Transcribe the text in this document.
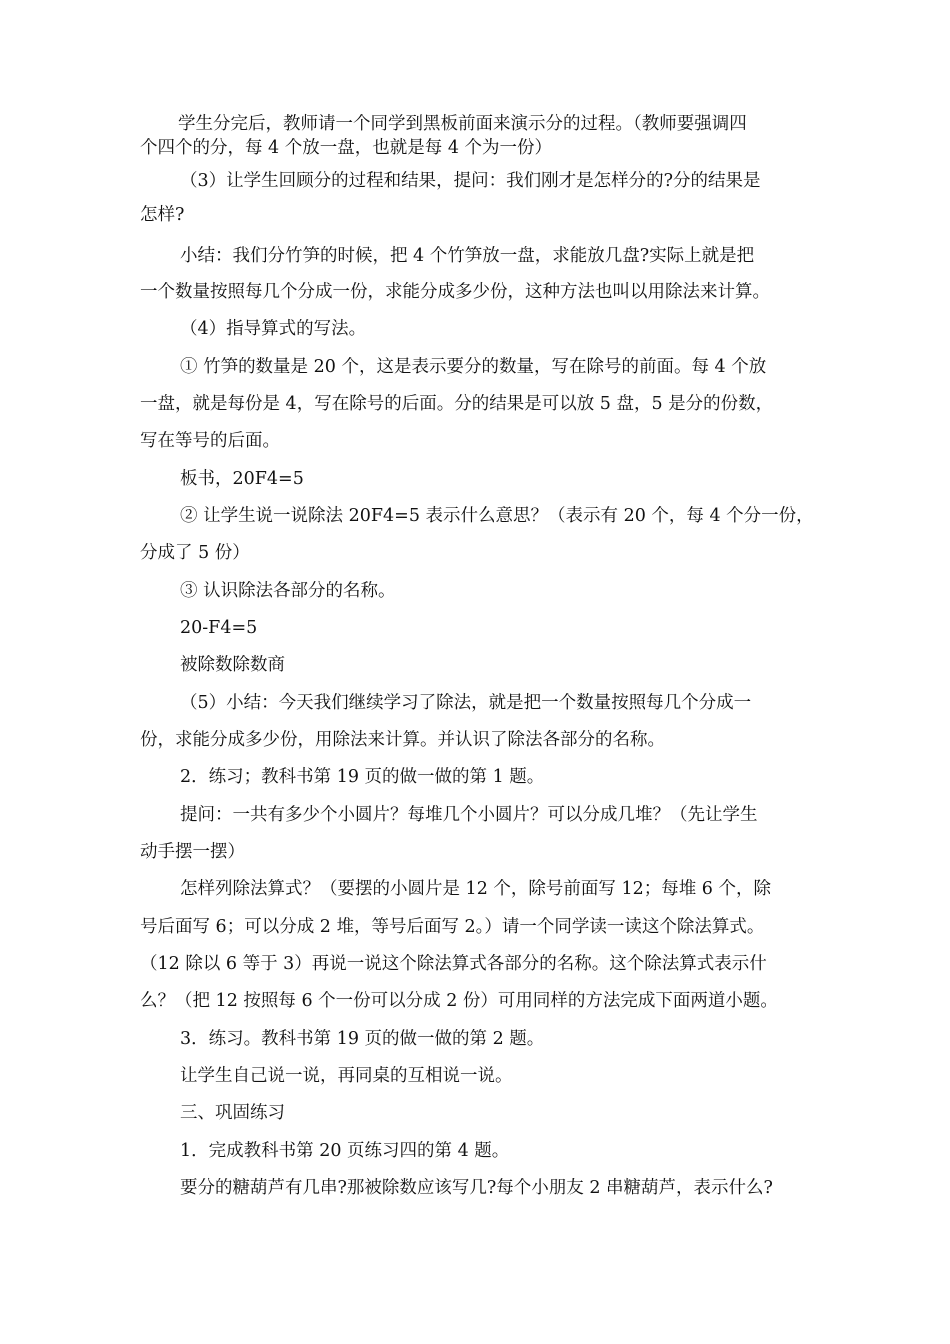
学生分完后，教师请一个同学到黑板前面来演示分的过程。（教师要强调四
个四个的分，每 4 个放一盘，也就是每 4 个为一份）
（3）让学生回顾分的过程和结果，提问：我们刚才是怎样分的?分的结果是
怎样?
小结：我们分竹笋的时候，把 4 个竹笋放一盘，求能放几盘?实际上就是把
一个数量按照每几个分成一份，求能分成多少份，这种方法也叫以用除法来计算。
（4）指导算式的写法。
① 竹笋的数量是 20 个，这是表示要分的数量，写在除号的前面。每 4 个放
一盘，就是每份是 4，写在除号的后面。分的结果是可以放 5 盘，5 是分的份数，
写在等号的后面。
板书，20F4=5
② 让学生说一说除法 20F4=5 表示什么意思？（表示有 20 个，每 4 个分一份，
分成了 5 份）
③ 认识除法各部分的名称。
20-F4=5
被除数除数商
（5）小结：今天我们继续学习了除法，就是把一个数量按照每几个分成一
份，求能分成多少份，用除法来计算。并认识了除法各部分的名称。
2．练习；教科书第 19 页的做一做的第 1 题。
提问：一共有多少个小圆片？每堆几个小圆片？可以分成几堆？（先让学生
动手摆一摆）
怎样列除法算式？（要摆的小圆片是 12 个，除号前面写 12；每堆 6 个，除
号后面写 6；可以分成 2 堆，等号后面写 2。）请一个同学读一读这个除法算式。
（12 除以 6 等于 3）再说一说这个除法算式各部分的名称。这个除法算式表示什
么？（把 12 按照每 6 个一份可以分成 2 份）可用同样的方法完成下面两道小题。
3．练习。教科书第 19 页的做一做的第 2 题。
让学生自己说一说，再同桌的互相说一说。
三、巩固练习
1．完成教科书第 20 页练习四的第 4 题。
要分的糖葫芦有几串?那被除数应该写几?每个小朋友 2 串糖葫芦，表示什么?
